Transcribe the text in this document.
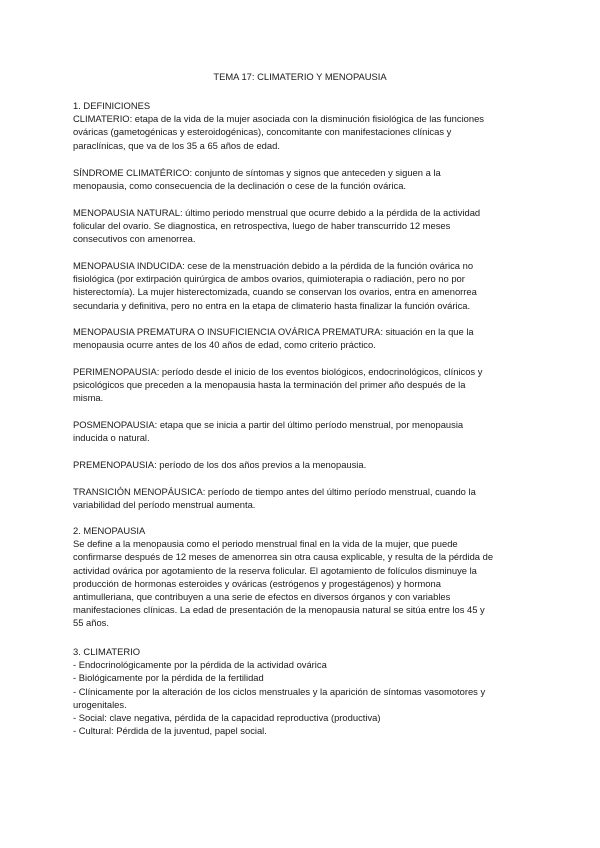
TEMA 17: CLIMATERIO Y MENOPAUSIA
1. DEFINICIONES
CLIMATERIO: etapa de la vida de la mujer asociada con la disminución fisiológica de las funciones
ováricas (gametogénicas y esteroidogénicas), concomitante con manifestaciones clínicas y
paraclínicas, que va de los 35 a 65 años de edad.
SÍNDROME CLIMATÉRICO: conjunto de síntomas y signos que anteceden y siguen a la
menopausia, como consecuencia de la declinación o cese de la función ovárica.
MENOPAUSIA NATURAL: último periodo menstrual que ocurre debido a la pérdida de la actividad
folicular del ovario. Se diagnostica, en retrospectiva, luego de haber transcurrido 12 meses
consecutivos con amenorrea.
MENOPAUSIA INDUCIDA: cese de la menstruación debido a la pérdida de la función ovárica no
fisiológica (por extirpación quirúrgica de ambos ovarios, quimioterapia o radiación, pero no por
histerectomía). La mujer histerectomizada, cuando se conservan los ovarios, entra en amenorrea
secundaria y definitiva, pero no entra en la etapa de climaterio hasta finalizar la función ovárica.
MENOPAUSIA PREMATURA O INSUFICIENCIA OVÁRICA PREMATURA: situación en la que la
menopausia ocurre antes de los 40 años de edad, como criterio práctico.
PERIMENOPAUSIA: período desde el inicio de los eventos biológicos, endocrinológicos, clínicos y
psicológicos que preceden a la menopausia hasta la terminación del primer año después de la
misma.
POSMENOPAUSIA: etapa que se inicia a partir del último período menstrual, por menopausia
inducida o natural.
PREMENOPAUSIA: período de los dos años previos a la menopausia.
TRANSICIÓN MENOPÁUSICA: período de tiempo antes del último período menstrual, cuando la
variabilidad del período menstrual aumenta.
2. MENOPAUSIA
Se define a la menopausia como el periodo menstrual final en la vida de la mujer, que puede
confirmarse después de 12 meses de amenorrea sin otra causa explicable, y resulta de la pérdida de
actividad ovárica por agotamiento de la reserva folicular. El agotamiento de folículos disminuye la
producción de hormonas esteroides y ováricas (estrógenos y progestágenos) y hormona
antimulleriana, que contribuyen a una serie de efectos en diversos órganos y con variables
manifestaciones clínicas. La edad de presentación de la menopausia natural se sitúa entre los 45 y
55 años.
3. CLIMATERIO
- Endocrinológicamente por la pérdida de la actividad ovárica
- Biológicamente por la pérdida de la fertilidad
- Clínicamente por la alteración de los ciclos menstruales y la aparición de síntomas vasomotores y
urogenitales.
- Social: clave negativa, pérdida de la capacidad reproductiva (productiva)
- Cultural: Pérdida de la juventud, papel social.
